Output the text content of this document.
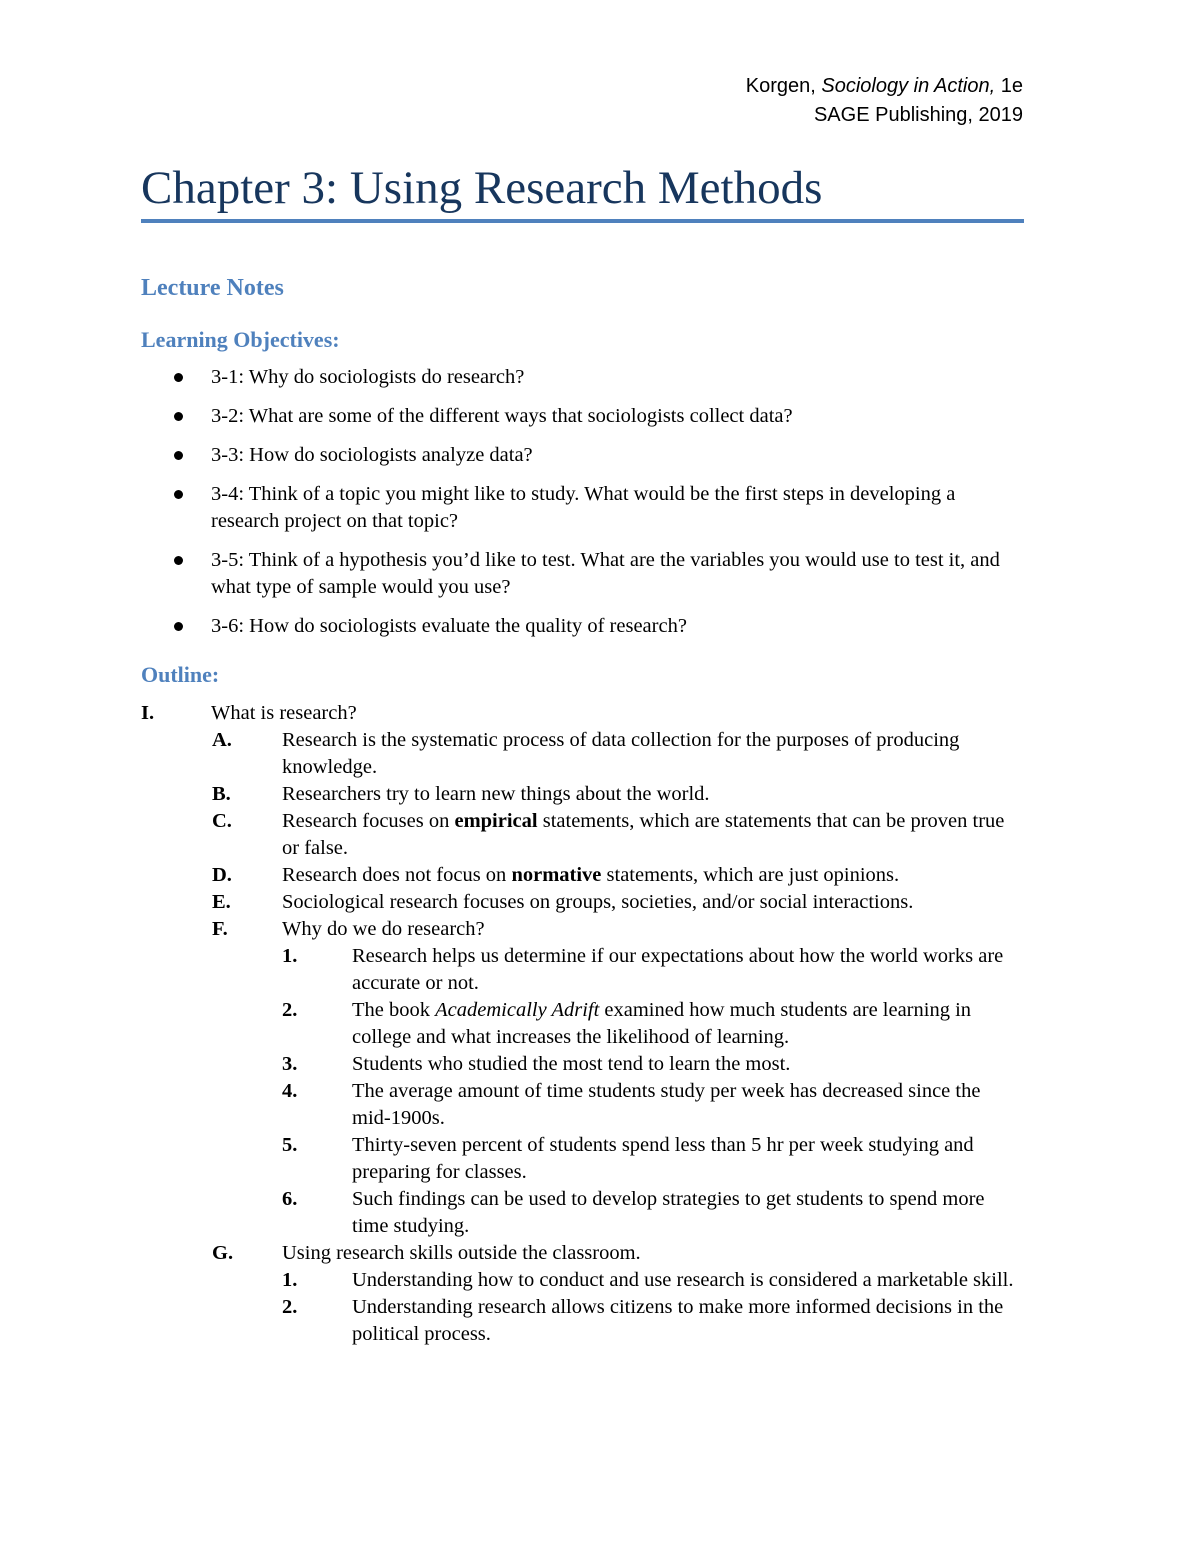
Korgen, Sociology in Action, 1e
SAGE Publishing, 2019
Chapter 3: Using Research Methods
Lecture Notes
Learning Objectives:
3-1: Why do sociologists do research?
3-2: What are some of the different ways that sociologists collect data?
3-3: How do sociologists analyze data?
3-4: Think of a topic you might like to study. What would be the first steps in developing a research project on that topic?
3-5: Think of a hypothesis you’d like to test. What are the variables you would use to test it, and what type of sample would you use?
3-6: How do sociologists evaluate the quality of research?
Outline:
I.	What is research?
A. Research is the systematic process of data collection for the purposes of producing knowledge.
B. Researchers try to learn new things about the world.
C. Research focuses on empirical statements, which are statements that can be proven true or false.
D. Research does not focus on normative statements, which are just opinions.
E. Sociological research focuses on groups, societies, and/or social interactions.
F.	Why do we do research?
1.	Research helps us determine if our expectations about how the world works are accurate or not.
2.	The book Academically Adrift examined how much students are learning in college and what increases the likelihood of learning.
3.	Students who studied the most tend to learn the most.
4.	The average amount of time students study per week has decreased since the mid-1900s.
5.	Thirty-seven percent of students spend less than 5 hr per week studying and preparing for classes.
6.	Such findings can be used to develop strategies to get students to spend more time studying.
G. Using research skills outside the classroom.
1.	Understanding how to conduct and use research is considered a marketable skill.
2.	Understanding research allows citizens to make more informed decisions in the political process.
